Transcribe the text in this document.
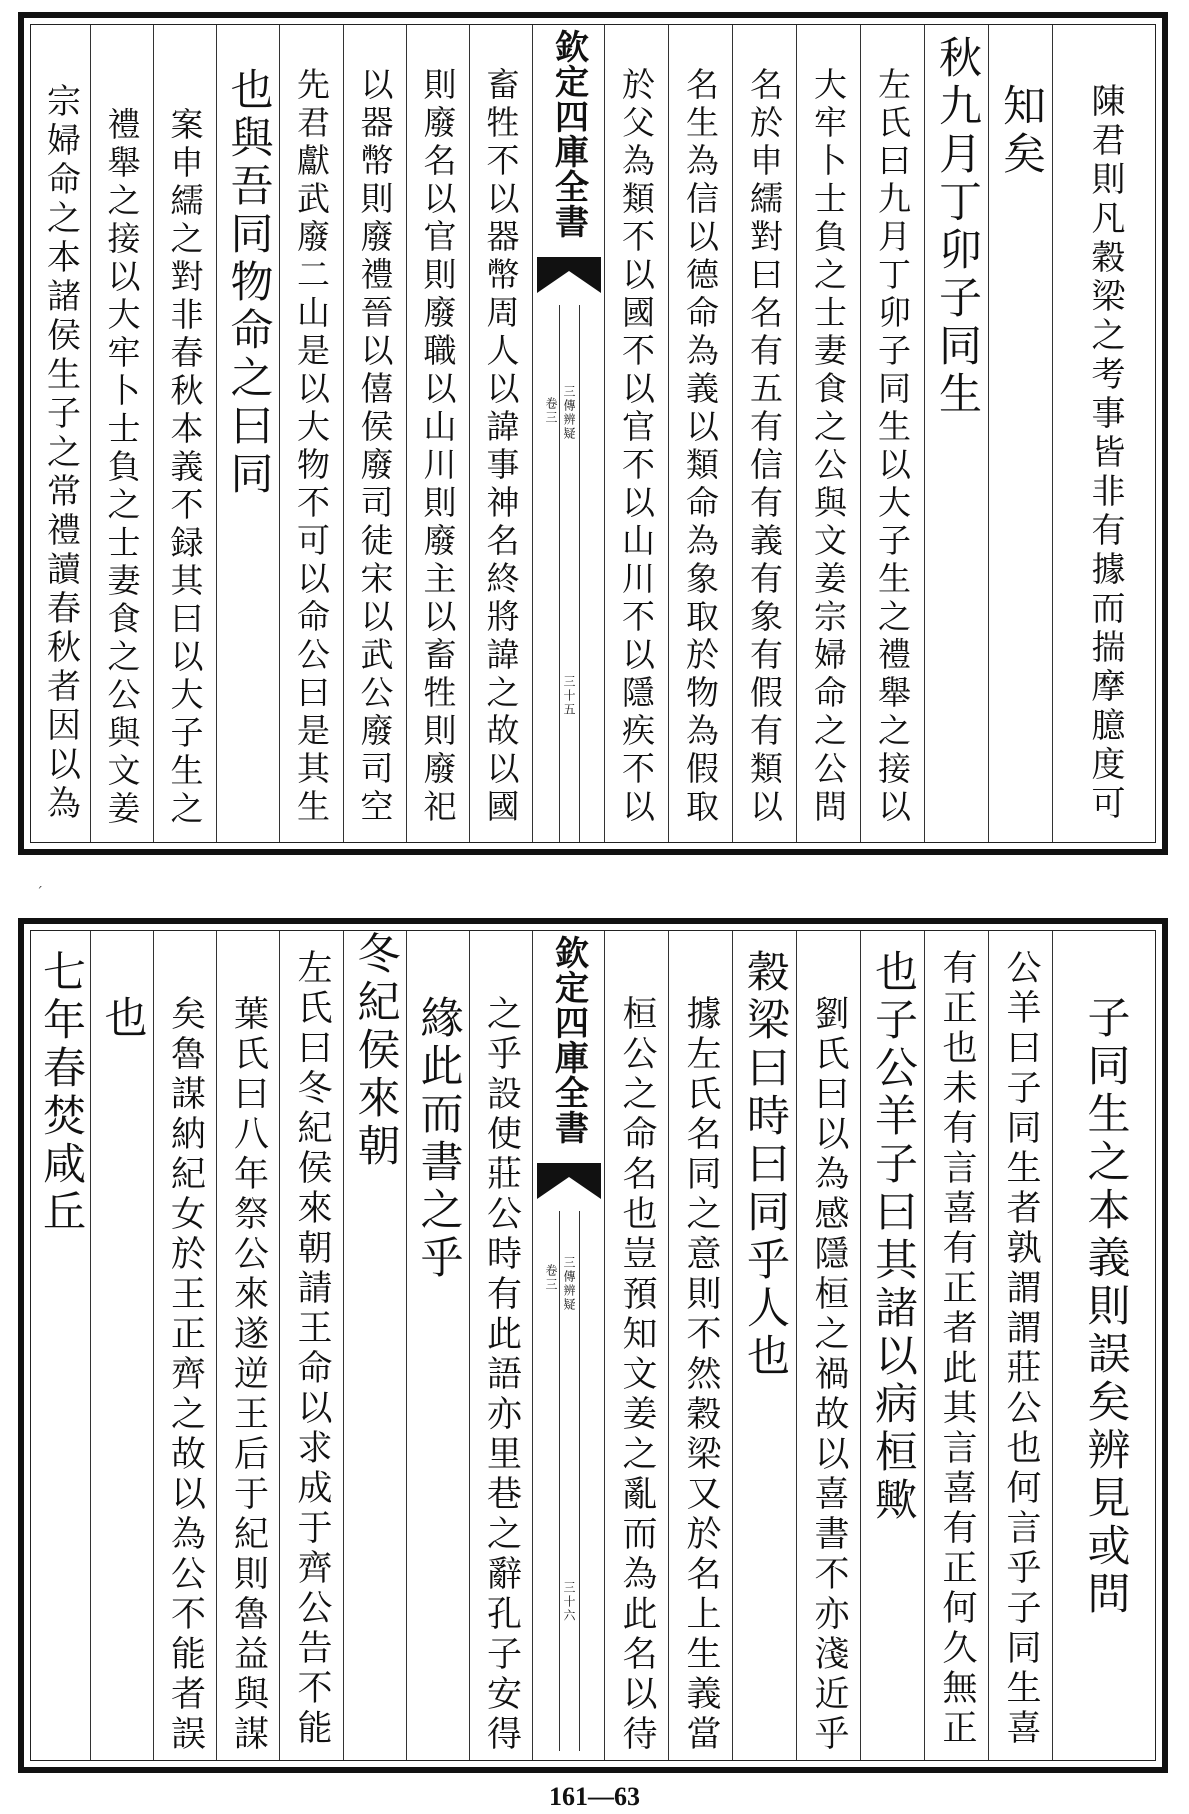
宗婦命之本諸侯生子之常禮讀春秋者因以為 禮舉之接以大牢卜士負之士妻食之公與文姜 案申繻之對非春秋本義不録其曰以大子生之 也與吾同物命之曰同 先君獻武廢二山是以大物不可以命公曰是其生 以器幣則廢禮晉以僖侯廢司徒宋以武公廢司空 則廢名以官則廢職以山川則廢主以畜牲則廢祀 畜牲不以器幣周人以諱事神名終將諱之故以國 欽定四庫全書
三傳辨疑
卷三
三十五	於父為類不以國不以官不以山川不以隱疾不以 名生為信以德命為義以類命為象取於物為假取 名於申繻對曰名有五有信有義有象有假有類以 大牢卜士負之士妻食之公與文姜宗婦命之公問 左氏曰九月丁卯子同生以大子生之禮舉之接以 秋九月丁卯子同生 知矣	陳君則凡穀梁之考事皆非有據而揣摩臆度可
ˊ
七年春焚咸丘 也 矣魯謀納紀女於王正齊之故以為公不能者誤 葉氏曰八年祭公來遂逆王后于紀則魯益與謀 左氏曰冬紀侯來朝請王命以求成于齊公告不能 冬紀侯來朝 緣此而書之乎 之乎設使莊公時有此語亦里巷之辭孔子安得 欽定四庫全書
三傳辨疑
卷三
三十六	桓公之命名也豈預知文姜之亂而為此名以待 據左氏名同之意則不然穀梁又於名上生義當 穀梁曰時曰同乎人也 劉氏曰以為感隱桓之禍故以喜書不亦淺近乎 也子公羊子曰其諸以病桓歟 有正也未有言喜有正者此其言喜有正何久無正 公羊曰子同生者孰謂謂莊公也何言乎子同生喜 子同生之本義則誤矣辨見或問
161—63
